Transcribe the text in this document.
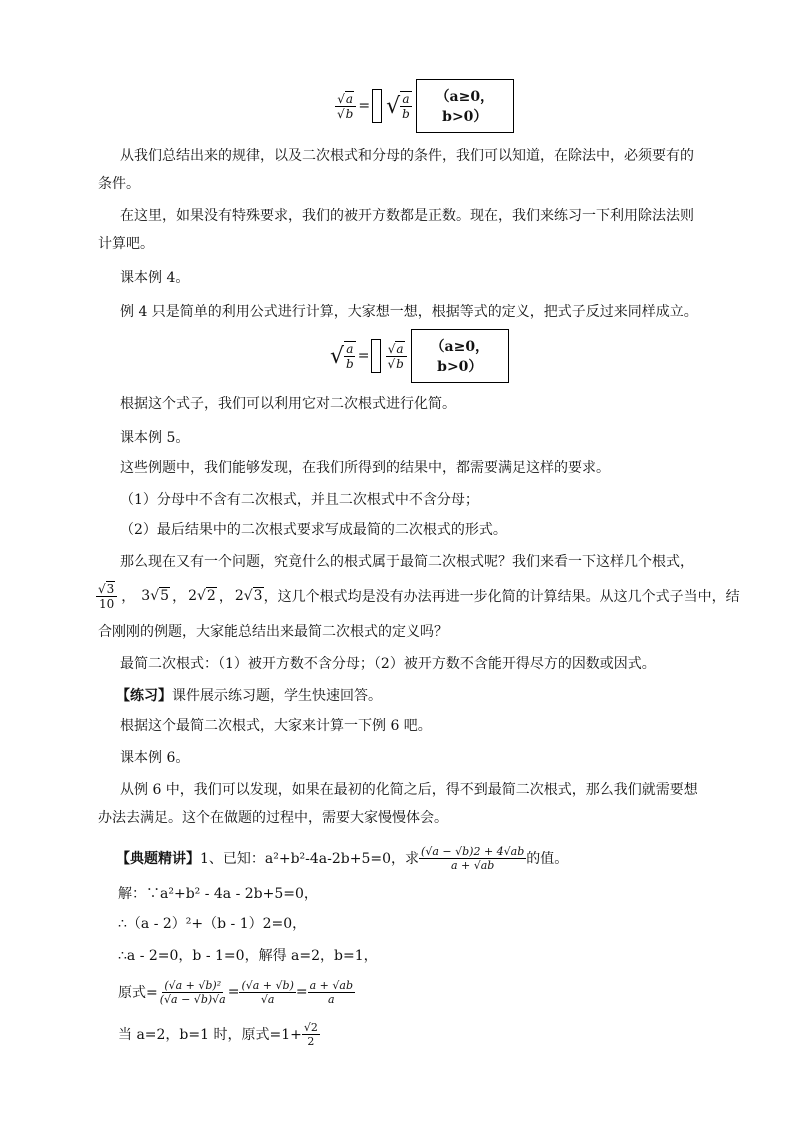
$\frac{√a}{√b}$ = √ $\frac{a}{b}$	（a≥0，b>0）
从我们总结出来的规律，以及二次根式和分母的条件，我们可以知道，在除法中，必须要有的
条件。
在这里，如果没有特殊要求，我们的被开方数都是正数。现在，我们来练习一下利用除法法则
计算吧。
课本例 4。
例 4 只是简单的利用公式进行计算，大家想一想，根据等式的定义，把式子反过来同样成立。
√ $\frac{a}{b} = \frac{√a}{√b}$	（a≥0，b>0）
根据这个式子，我们可以利用它对二次根式进行化简。
课本例 5。
这些例题中，我们能够发现，在我们所得到的结果中，都需要满足这样的要求。
（1）分母中不含有二次根式，并且二次根式中不含分母；
（2）最后结果中的二次根式要求写成最简的二次根式的形式。
那么现在又有一个问题，究竟什么的根式属于最简二次根式呢？我们来看一下这样几个根式，
$\frac{√3}{10}$ ， 3√5 ， 2√2 ， 2√3 ，这几个根式均是没有办法再进一步化简的计算结果。从这几个式子当中，结
合刚刚的例题，大家能总结出来最简二次根式的定义吗？
最简二次根式：（1）被开方数不含分母；（2）被开方数不含能开得尽方的因数或因式。
【练习】课件展示练习题，学生快速回答。
根据这个最简二次根式，大家来计算一下例 6 吧。
课本例 6。
从例 6 中，我们可以发现，如果在最初的化简之后，得不到最简二次根式，那么我们就需要想
办法去满足。这个在做题的过程中，需要大家慢慢体会。
【典题精讲】 1、已知：a²+b²-4a-2b+5=0，求 $\frac{(√a - √b)2 + 4√ab}{a + √ab}$ 的值。
解：∵a²+b² - 4a - 2b+5=0，
∴（a - 2）²+（b - 1）2=0，
∴a - 2=0，b - 1=0，解得 a=2，b=1，
原式= $\frac{\text{(√a + √b)²}}{(√a - √b)√a} = \frac{(√a + √b)}{√a} = \frac{a + √ab}{a}$
当 a=2，b=1 时，原式$=1+ \frac{√2}{2}$
